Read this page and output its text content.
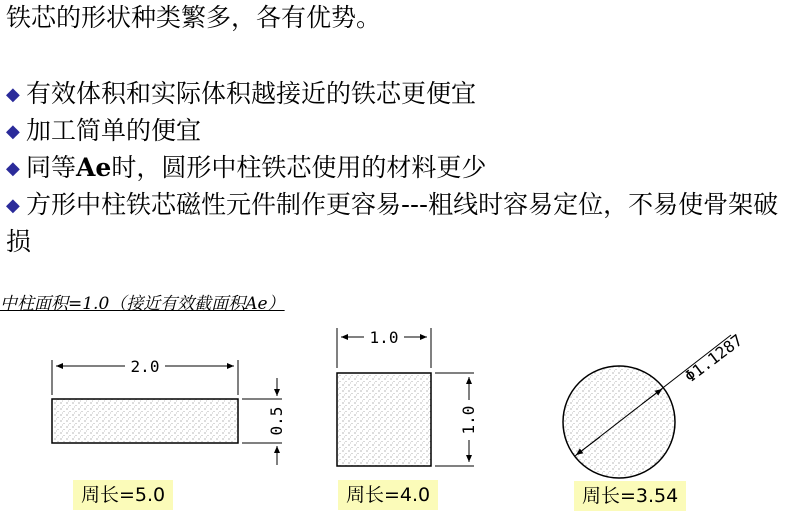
铁芯的形状种类繁多，各有优势。
◆ 有效体积和实际体积越接近的铁芯更便宜
◆ 加工简单的便宜
◆ 同等Ae时，圆形中柱铁芯使用的材料更少
◆ 方形中柱铁芯磁性元件制作更容易---粗线时容易定位，不易使骨架破损
中柱面积=1.0（接近有效截面积Ae）
2.0
0.5
1.0
1.0
Φ1.1287
周长=5.0	周长=4.0	周长=3.54
